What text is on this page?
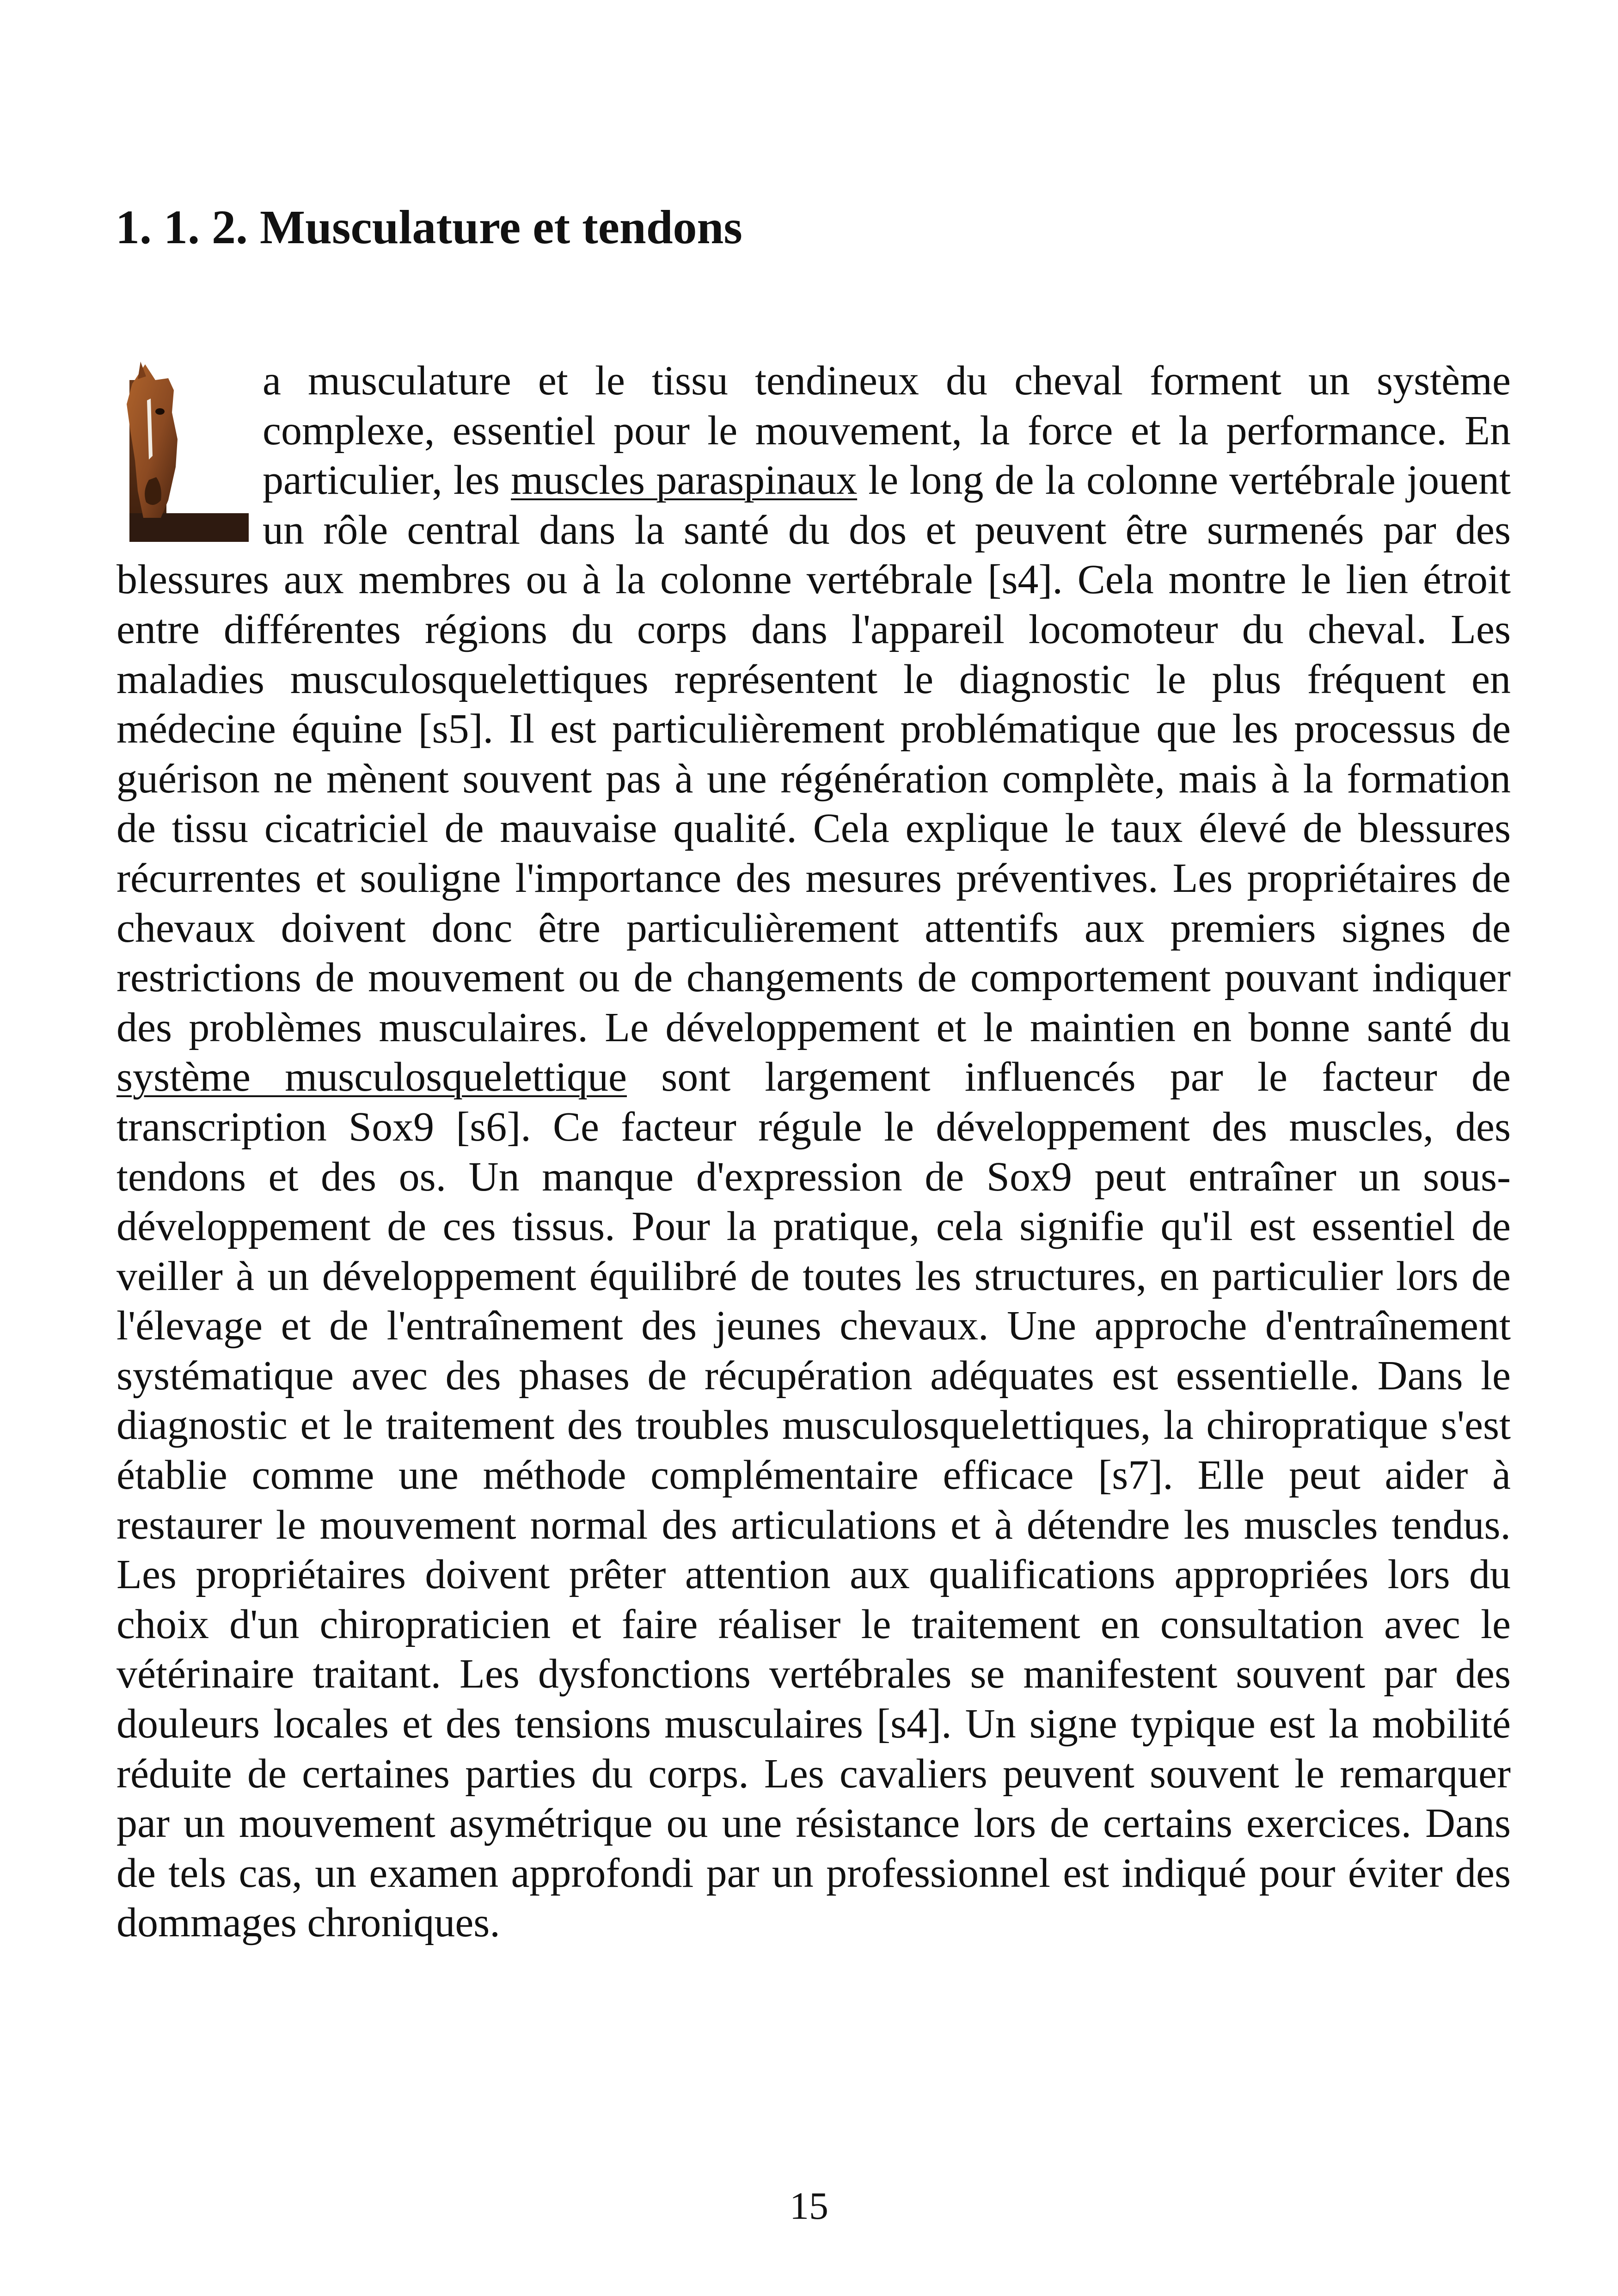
1. 1. 2. Musculature et tendons

a musculature et le tissu tendineux du cheval forment un système complexe, essentiel pour le mouvement, la force et la performance. En particulier, les muscles paraspinaux le long de la colonne vertébrale jouent un rôle central dans la santé du dos et peuvent être surmenés par des blessures aux membres ou à la colonne vertébrale [s4]. Cela montre le lien étroit entre différentes régions du corps dans l'appareil locomoteur du cheval. Les maladies musculosquelettiques représentent le diagnostic le plus fréquent en médecine équine [s5]. Il est particulièrement problématique que les processus de guérison ne mènent souvent pas à une régénération complète, mais à la formation de tissu cicatriciel de mauvaise qualité. Cela explique le taux élevé de blessures récurrentes et souligne l'importance des mesures préventives. Les propriétaires de chevaux doivent donc être particulièrement attentifs aux premiers signes de restrictions de mouvement ou de changements de comportement pouvant indiquer des problèmes musculaires. Le développement et le maintien en bonne santé du système musculosquelettique sont largement influencés par le facteur de transcription Sox9 [s6]. Ce facteur régule le développement des muscles, des tendons et des os. Un manque d'expression de Sox9 peut entraîner un sous-développement de ces tissus. Pour la pratique, cela signifie qu'il est essentiel de veiller à un développement équilibré de toutes les structures, en particulier lors de l'élevage et de l'entraînement des jeunes chevaux. Une approche d'entraînement systématique avec des phases de récupération adéquates est essentielle. Dans le diagnostic et le traitement des troubles musculosquelettiques, la chiropratique s'est établie comme une méthode complémentaire efficace [s7]. Elle peut aider à restaurer le mouvement normal des articulations et à détendre les muscles tendus. Les propriétaires doivent prêter attention aux qualifications appropriées lors du choix d'un chiropraticien et faire réaliser le traitement en consultation avec le vétérinaire traitant. Les dysfonctions vertébrales se manifestent souvent par des douleurs locales et des tensions musculaires [s4]. Un signe typique est la mobilité réduite de certaines parties du corps. Les cavaliers peuvent souvent le remarquer par un mouvement asymétrique ou une résistance lors de certains exercices. Dans de tels cas, un examen approfondi par un professionnel est indiqué pour éviter des dommages chroniques.

15
